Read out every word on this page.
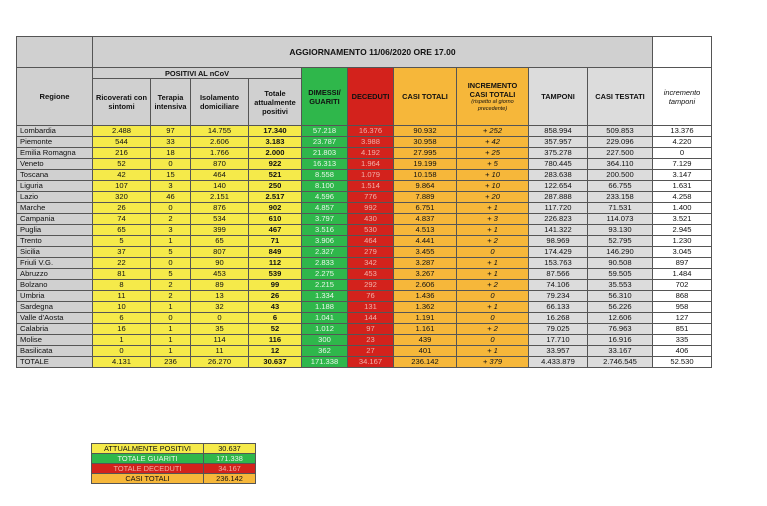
	AGGIORNAMENTO 11/06/2020 ORE 17.00										
Regione	POSITIVI AL nCoV				DIMESSI/ GUARITI	DECEDUTI	CASI TOTALI	INCREMENTO CASI TOTALI
(rispetto al giorno precedente)	TAMPONI	CASI TESTATI	incremento tamponi
	Ricoverati con sintomi	Terapia intensiva	Isolamento domiciliare	Totale attualmente positivi							

Lombardia	2.488	97	14.755	17.340	57.218	16.376	90.932	+ 252	858.994	509.853	13.376
Piemonte	544	33	2.606	3.183	23.787	3.988	30.958	+ 42	357.957	229.096	4.220
Emilia Romagna	216	18	1.766	2.000	21.803	4.192	27.995	+ 25	375.278	227.500	0
Veneto	52	0	870	922	16.313	1.964	19.199	+ 5	780.445	364.110	7.129
Toscana	42	15	464	521	8.558	1.079	10.158	+ 10	283.638	200.500	3.147
Liguria	107	3	140	250	8.100	1.514	9.864	+ 10	122.654	66.755	1.631
Lazio	320	46	2.151	2.517	4.596	776	7.889	+ 20	287.888	233.158	4.258
Marche	26	0	876	902	4.857	992	6.751	+ 1	117.720	71.531	1.400
Campania	74	2	534	610	3.797	430	4.837	+ 3	226.823	114.073	3.521
Puglia	65	3	399	467	3.516	530	4.513	+ 1	141.322	93.130	2.945
Trento	5	1	65	71	3.906	464	4.441	+ 2	98.969	52.795	1.230
Sicilia	37	5	807	849	2.327	279	3.455	0	174.429	146.290	3.045
Friuli V.G.	22	0	90	112	2.833	342	3.287	+ 1	153.763	90.508	897
Abruzzo	81	5	453	539	2.275	453	3.267	+ 1	87.566	59.505	1.484
Bolzano	8	2	89	99	2.215	292	2.606	+ 2	74.106	35.553	702
Umbria	11	2	13	26	1.334	76	1.436	0	79.234	56.310	868
Sardegna	10	1	32	43	1.188	131	1.362	+ 1	66.133	56.226	958
Valle d'Aosta	6	0	0	6	1.041	144	1.191	0	16.268	12.606	127
Calabria	16	1	35	52	1.012	97	1.161	+ 2	79.025	76.963	851
Molise	1	1	114	116	300	23	439	0	17.710	16.916	335
Basilicata	0	1	11	12	362	27	401	+ 1	33.957	33.167	406
TOTALE	4.131	236	26.270	30.637	171.338	34.167	236.142	+ 379	4.433.879	2.746.545	52.530
ATTUALMENTE POSITIVI	30.637
TOTALE GUARITI	171.338
TOTALE DECEDUTI	34.167
CASI TOTALI	236.142
